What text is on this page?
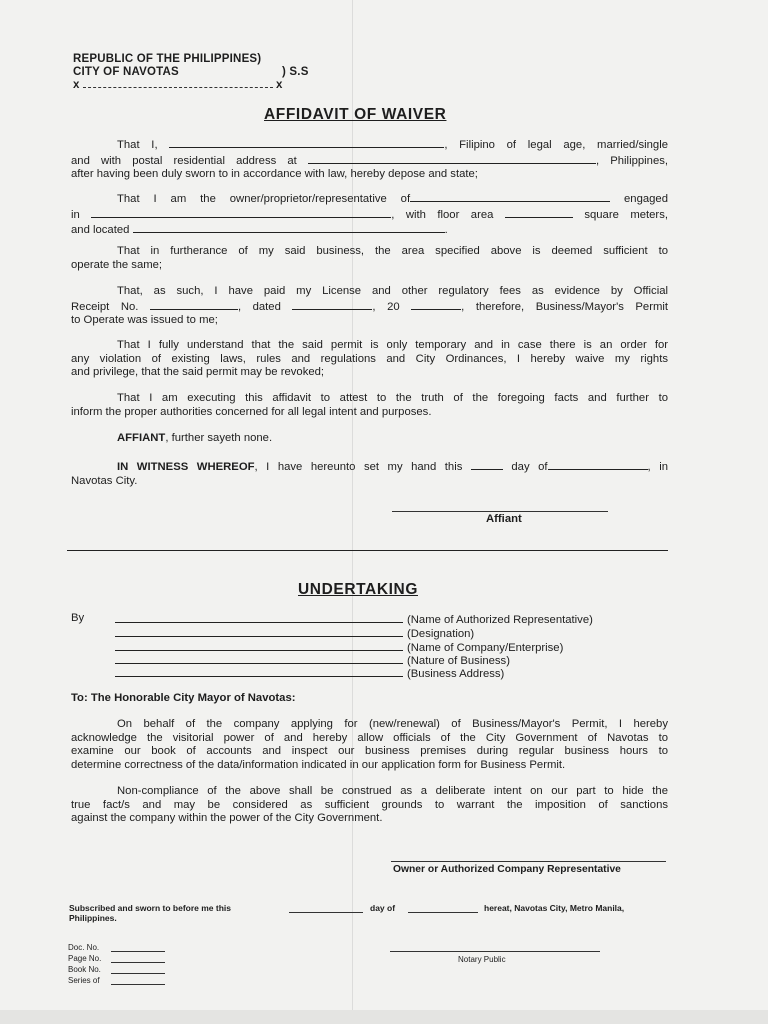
REPUBLIC OF THE PHILIPPINES)
CITY OF NAVOTAS	) S.S
x	x
AFFIDAVIT OF WAIVER
That I,	, Filipino of legal age, married/single
and with postal residential address at	, Philippines,
after having been duly sworn to in accordance with law, hereby depose and state;
That I am the owner/proprietor/representative of	engaged
in	, with floor area	square meters,
and located	.
That in furtherance of my said business, the area specified above is deemed sufficient to
operate the same;
That, as such, I have paid my License and other regulatory fees as evidence by Official
Receipt No.	, dated	, 20	, therefore, Business/Mayor's Permit
to Operate was issued to me;
That I fully understand that the said permit is only temporary and in case there is an order for
any violation of existing laws, rules and regulations and City Ordinances, I hereby waive my rights
and privilege, that the said permit may be revoked;
That I am executing this affidavit to attest to the truth of the foregoing facts and further to
inform the proper authorities concerned for all legal intent and purposes.
AFFIANT, further sayeth none.
IN WITNESS WHEREOF, I have hereunto set my hand this	day of	, in
Navotas City.
Affiant
UNDERTAKING
By	(Name of Authorized Representative)
(Designation)
(Name of Company/Enterprise)
(Nature of Business)
(Business Address)
To: The Honorable City Mayor of Navotas:
On behalf of the company applying for (new/renewal) of Business/Mayor's Permit, I hereby
acknowledge the visitorial power of and hereby allow officials of the City Government of Navotas to
examine our book of accounts and inspect our business premises during regular business hours to
determine correctness of the data/information indicated in our application form for Business Permit.
Non-compliance of the above shall be construed as a deliberate intent on our part to hide the
true fact/s and may be considered as sufficient grounds to warrant the imposition of sanctions
against the company within the power of the City Government.
Owner or Authorized Company Representative
Subscribed and sworn to before me this	day of	hereat, Navotas City, Metro Manila,
Philippines.
Doc. No.
Page No.
Book No.
Series of
Notary Public
